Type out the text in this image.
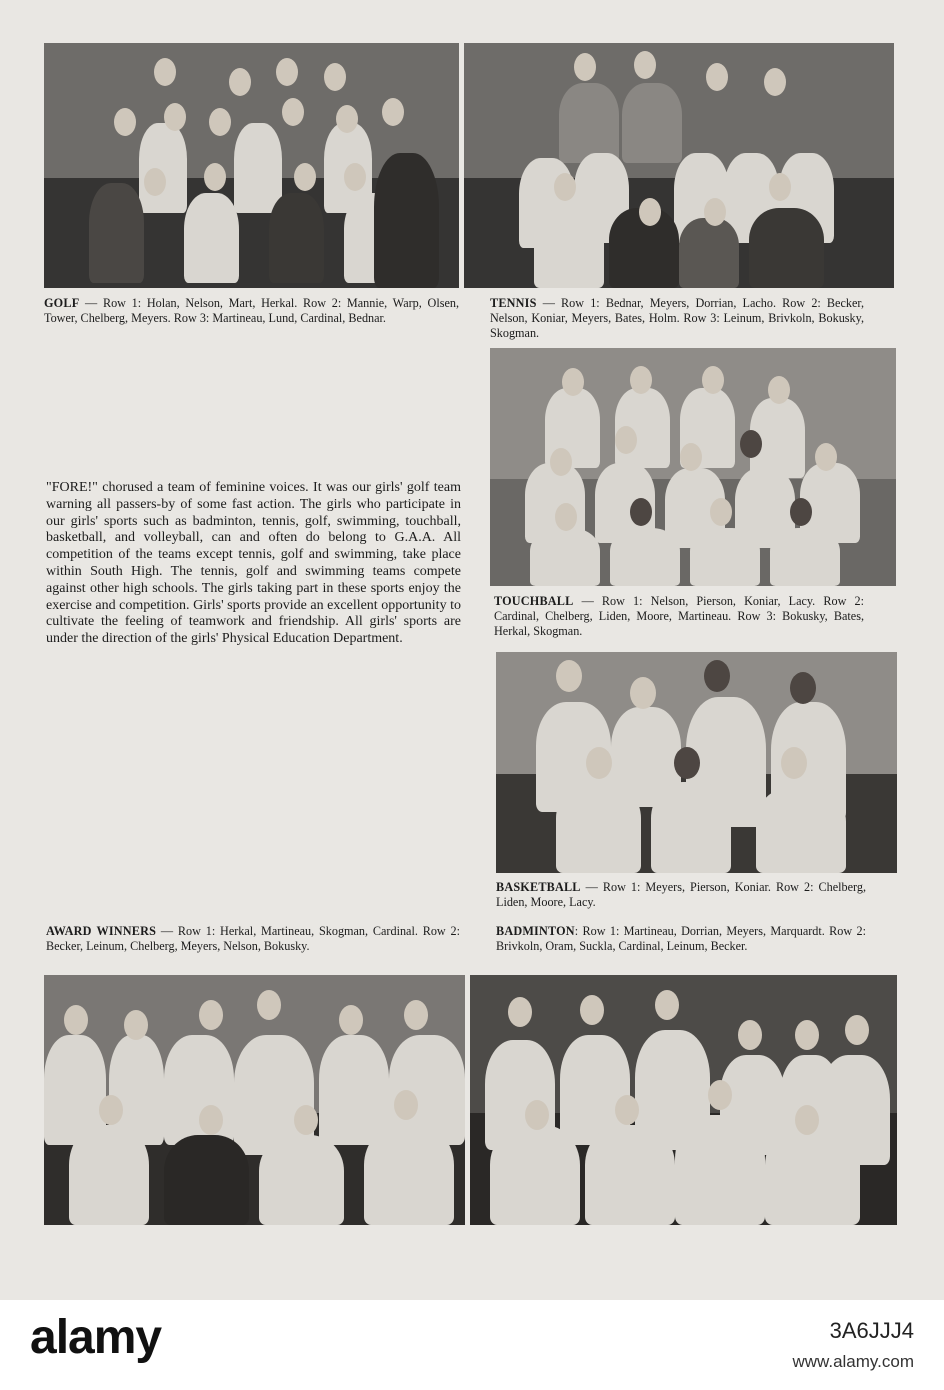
GOLF — Row 1: Holan, Nelson, Mart, Herkal. Row 2: Mannie, Warp, Olsen, Tower, Chelberg, Meyers. Row 3: Martineau, Lund, Cardinal, Bednar.
TENNIS — Row 1: Bednar, Meyers, Dorrian, Lacho. Row 2: Becker, Nelson, Koniar, Meyers, Bates, Holm. Row 3: Leinum, Brivkoln, Bokusky, Skogman.
"FORE!" chorused a team of feminine voices. It was our girls' golf team warning all passers-by of some fast action. The girls who participate in our girls' sports such as badminton, tennis, golf, swimming, touchball, basketball, and volleyball, can and often do belong to G.A.A. All competition of the teams except tennis, golf and swimming, take place within South High. The tennis, golf and swimming teams compete against other high schools. The girls taking part in these sports enjoy the exercise and competition. Girls' sports provide an excellent opportunity to cultivate the feeling of teamwork and friendship. All girls' sports are under the direction of the girls' Physical Education Department.
TOUCHBALL — Row 1: Nelson, Pierson, Koniar, Lacy. Row 2: Cardinal, Chelberg, Liden, Moore, Martineau. Row 3: Bokusky, Bates, Herkal, Skogman.
BASKETBALL — Row 1: Meyers, Pierson, Koniar. Row 2: Chelberg, Liden, Moore, Lacy.
AWARD WINNERS — Row 1: Herkal, Martineau, Skogman, Cardinal. Row 2: Becker, Leinum, Chelberg, Meyers, Nelson, Bokusky.
BADMINTON: Row 1: Martineau, Dorrian, Meyers, Marquardt. Row 2: Brivkoln, Oram, Suckla, Cardinal, Leinum, Becker.
alamy	3A6JJJ4
www.alamy.com
